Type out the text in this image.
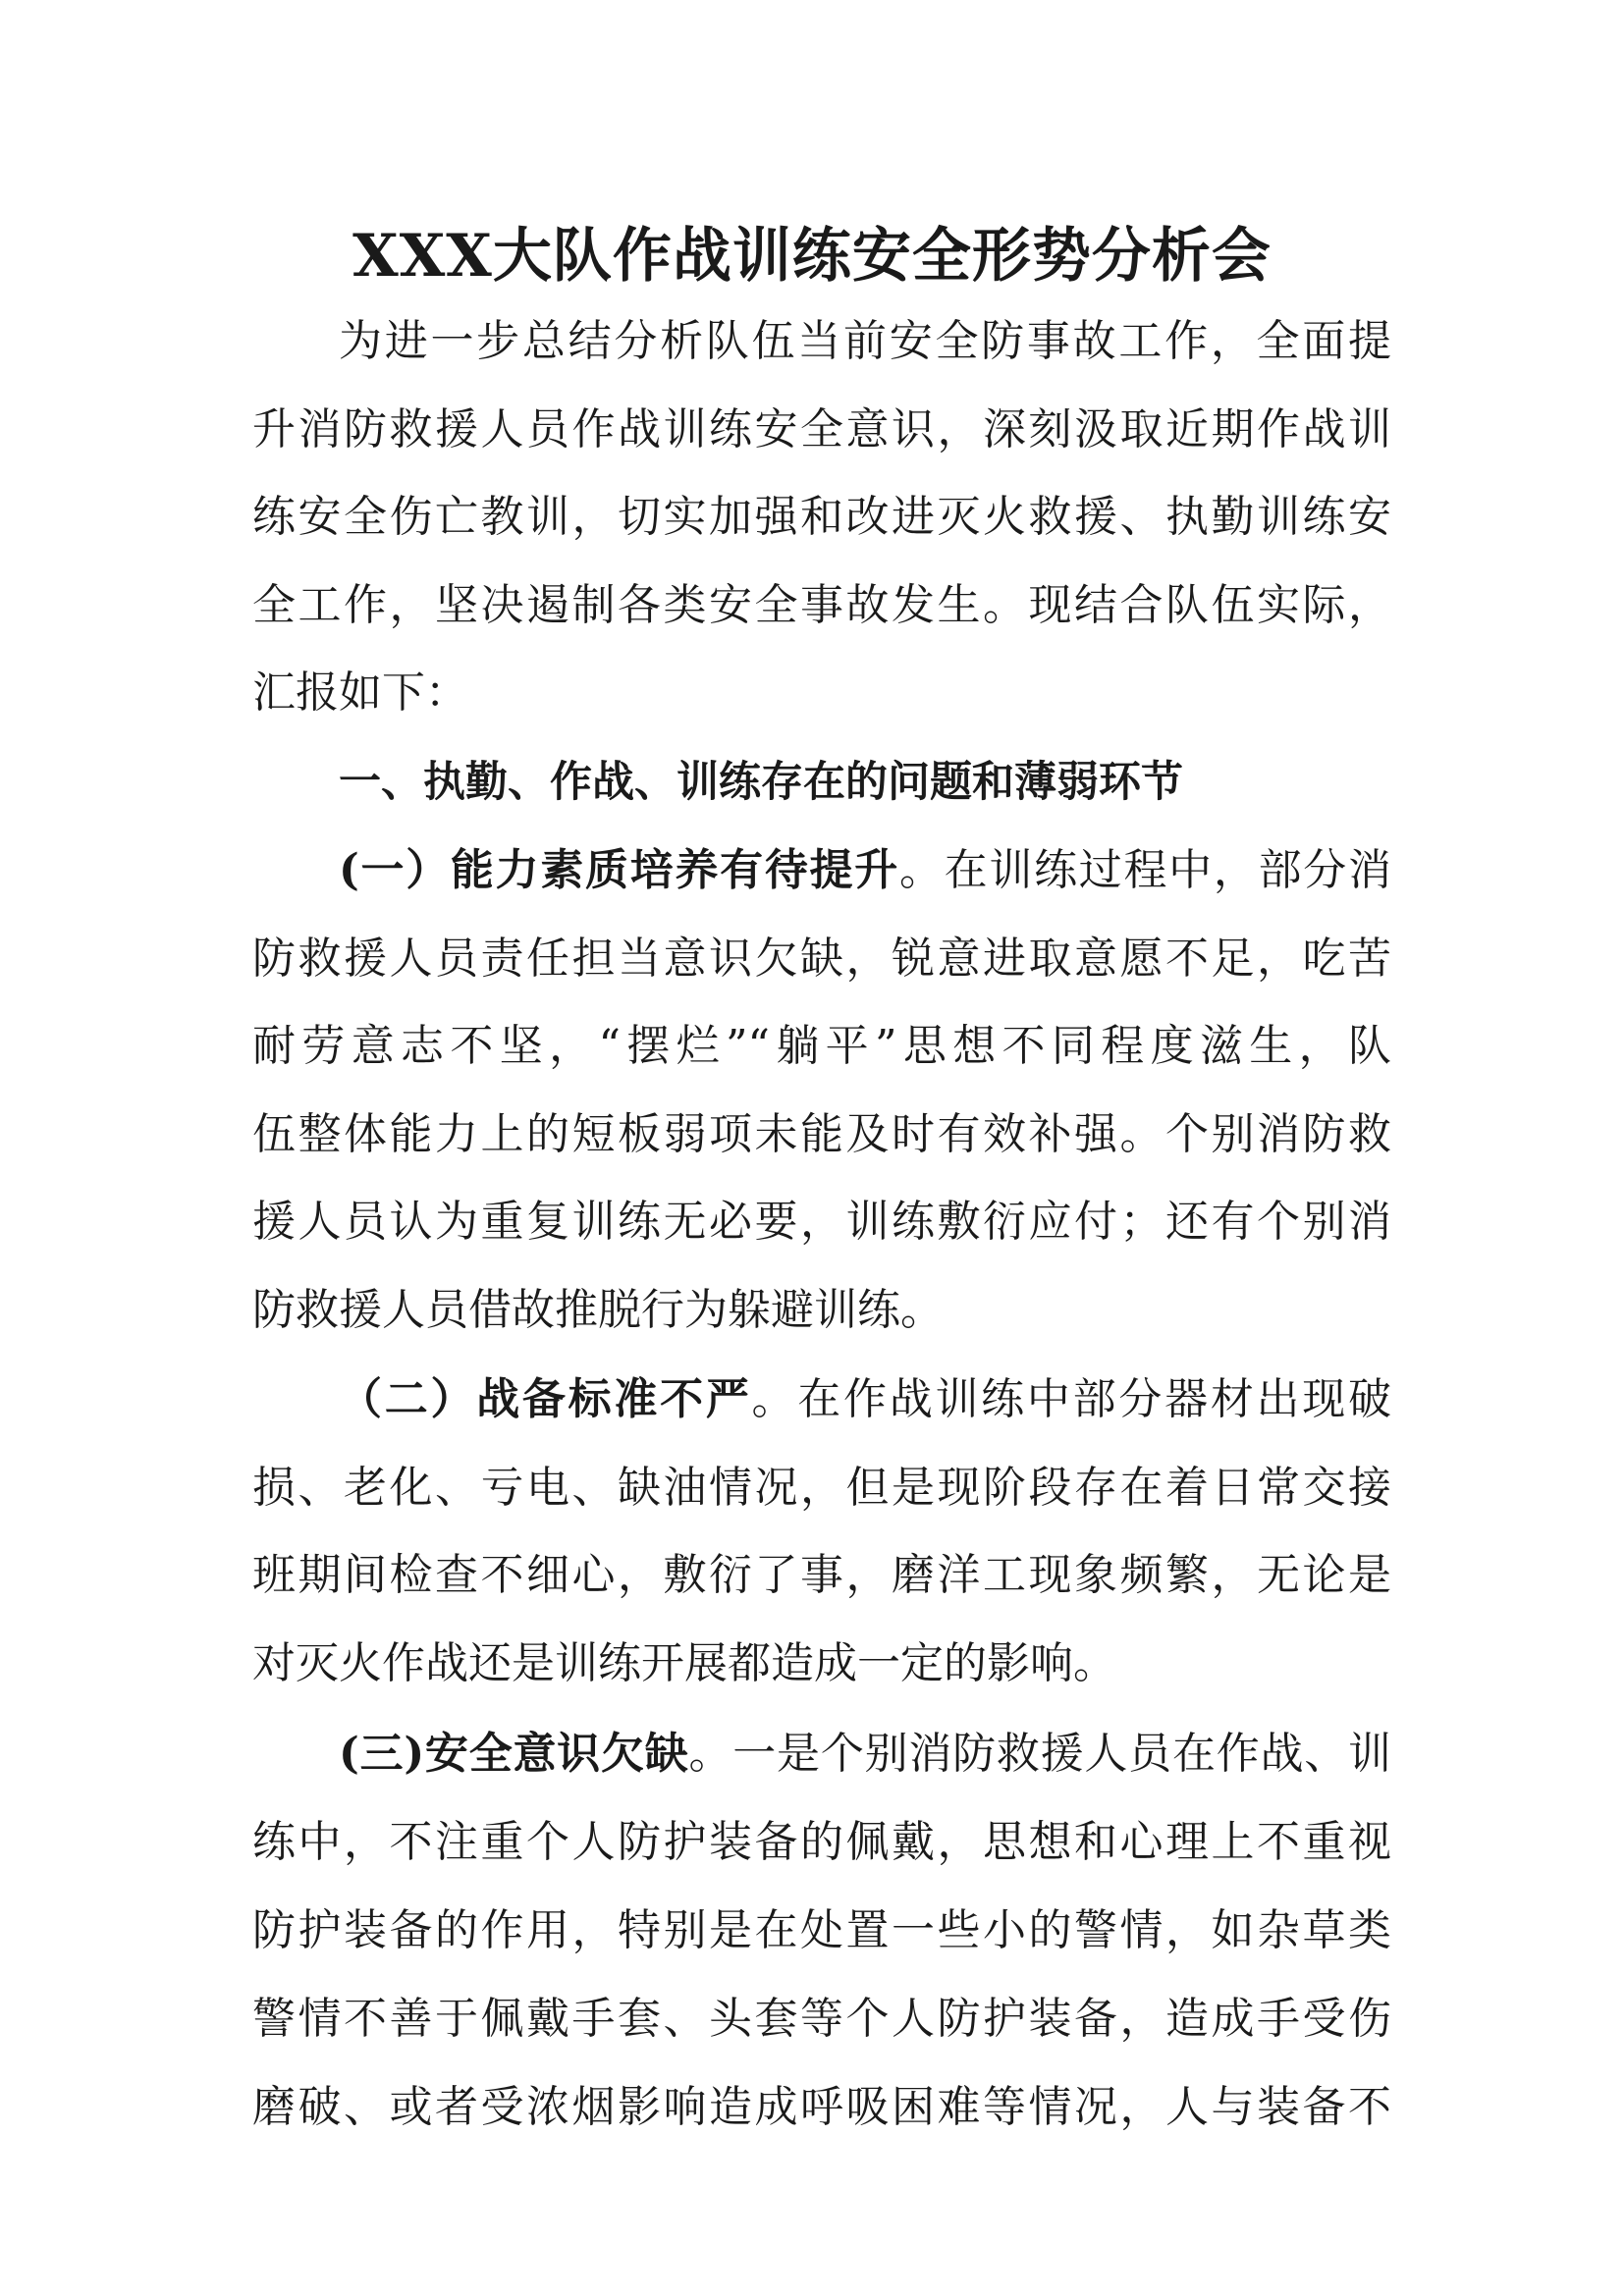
XXX大队作战训练安全形势分析会
为进一步总结分析队伍当前安全防事故工作，全面提
升消防救援人员作战训练安全意识，深刻汲取近期作战训
练安全伤亡教训，切实加强和改进灭火救援、执勤训练安
全工作，坚决遏制各类安全事故发生。现结合队伍实际，
汇报如下：
一、执勤、作战、训练存在的问题和薄弱环节
(一）能力素质培养有待提升。在训练过程中，部分消
防救援人员责任担当意识欠缺，锐意进取意愿不足，吃苦
耐劳意志不坚，“摆烂”“躺平”思想不同程度滋生，队
伍整体能力上的短板弱项未能及时有效补强。个别消防救
援人员认为重复训练无必要，训练敷衍应付；还有个别消
防救援人员借故推脱行为躲避训练。
（二）战备标准不严。在作战训练中部分器材出现破
损、老化、亏电、缺油情况，但是现阶段存在着日常交接
班期间检查不细心，敷衍了事，磨洋工现象频繁，无论是
对灭火作战还是训练开展都造成一定的影响。
(三)安全意识欠缺。一是个别消防救援人员在作战、训
练中，不注重个人防护装备的佩戴，思想和心理上不重视
防护装备的作用，特别是在处置一些小的警情，如杂草类
警情不善于佩戴手套、头套等个人防护装备，造成手受伤
磨破、或者受浓烟影响造成呼吸困难等情况，人与装备不
